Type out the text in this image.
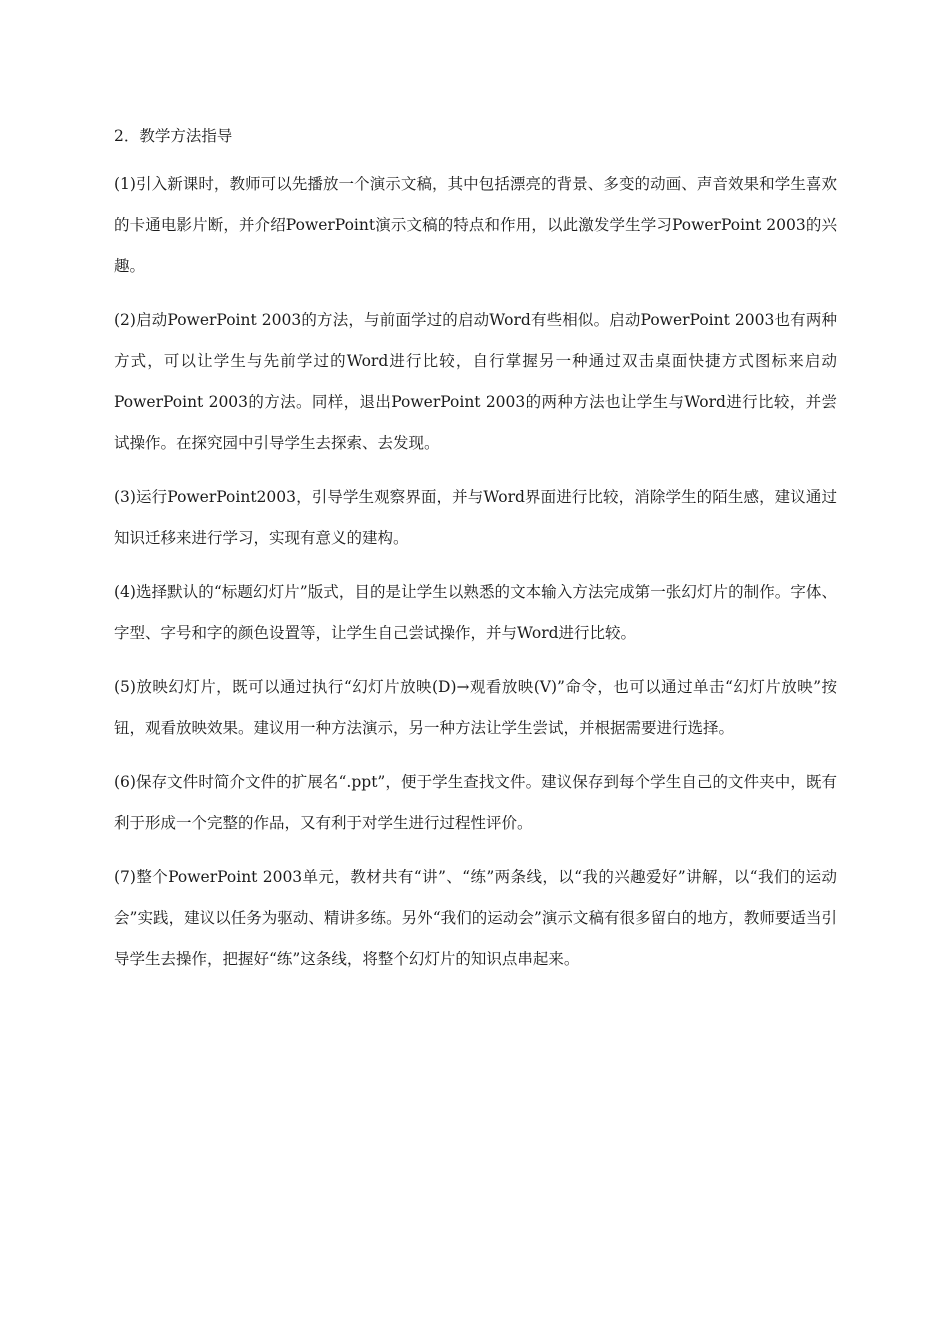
2．教学方法指导

(1)引入新课时，教师可以先播放一个演示文稿，其中包括漂亮的背景、多变的动画、声音效果和学生喜欢的卡通电影片断，并介绍PowerPoint演示文稿的特点和作用，以此激发学生学习PowerPoint 2003的兴趣。

(2)启动PowerPoint 2003的方法，与前面学过的启动Word有些相似。启动PowerPoint 2003也有两种方式，可以让学生与先前学过的Word进行比较，自行掌握另一种通过双击桌面快捷方式图标来启动PowerPoint 2003的方法。同样，退出PowerPoint 2003的两种方法也让学生与Word进行比较，并尝试操作。在探究园中引导学生去探索、去发现。

(3)运行PowerPoint2003，引导学生观察界面，并与Word界面进行比较，消除学生的陌生感，建议通过知识迁移来进行学习，实现有意义的建构。

(4)选择默认的“标题幻灯片”版式，目的是让学生以熟悉的文本输入方法完成第一张幻灯片的制作。字体、字型、字号和字的颜色设置等，让学生自己尝试操作，并与Word进行比较。

(5)放映幻灯片，既可以通过执行“幻灯片放映(D)→观看放映(V)”命令，也可以通过单击“幻灯片放映”按钮，观看放映效果。建议用一种方法演示，另一种方法让学生尝试，并根据需要进行选择。

(6)保存文件时简介文件的扩展名“.ppt”，便于学生查找文件。建议保存到每个学生自己的文件夹中，既有利于形成一个完整的作品，又有利于对学生进行过程性评价。

(7)整个PowerPoint 2003单元，教材共有“讲”、“练”两条线，以“我的兴趣爱好”讲解，以“我们的运动会”实践，建议以任务为驱动、精讲多练。另外“我们的运动会”演示文稿有很多留白的地方，教师要适当引导学生去操作，把握好“练”这条线，将整个幻灯片的知识点串起来。
